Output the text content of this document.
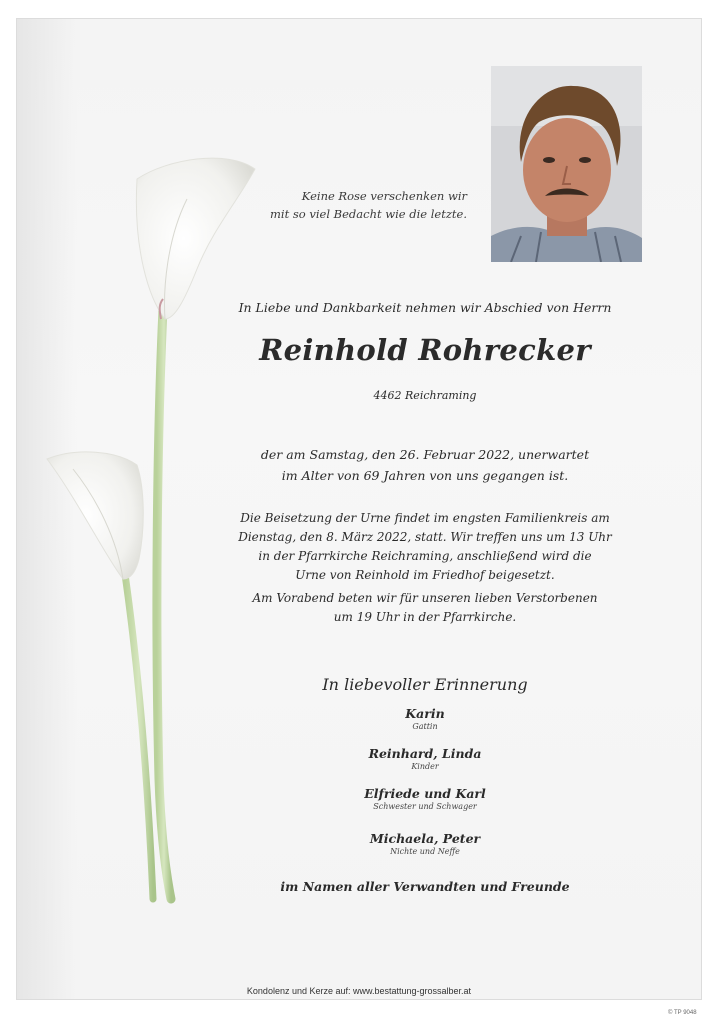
Keine Rose verschenken wir
mit so viel Bedacht wie die letzte.
In Liebe und Dankbarkeit nehmen wir Abschied von Herrn
Reinhold Rohrecker
4462 Reichraming
der am Samstag, den 26. Februar 2022, unerwartet
im Alter von 69 Jahren von uns gegangen ist.
Die Beisetzung der Urne findet im engsten Familienkreis am
Dienstag, den 8. März 2022, statt. Wir treffen uns um 13 Uhr
in der Pfarrkirche Reichraming, anschließend wird die
Urne von Reinhold im Friedhof beigesetzt.
Am Vorabend beten wir für unseren lieben Verstorbenen
um 19 Uhr in der Pfarrkirche.
In liebevoller Erinnerung
Karin
Gattin
Reinhard, Linda
Kinder
Elfriede und Karl
Schwester und Schwager
Michaela, Peter
Nichte und Neffe
im Namen aller Verwandten und Freunde
Kondolenz und Kerze auf: www.bestattung-grossalber.at
© TP 9048
